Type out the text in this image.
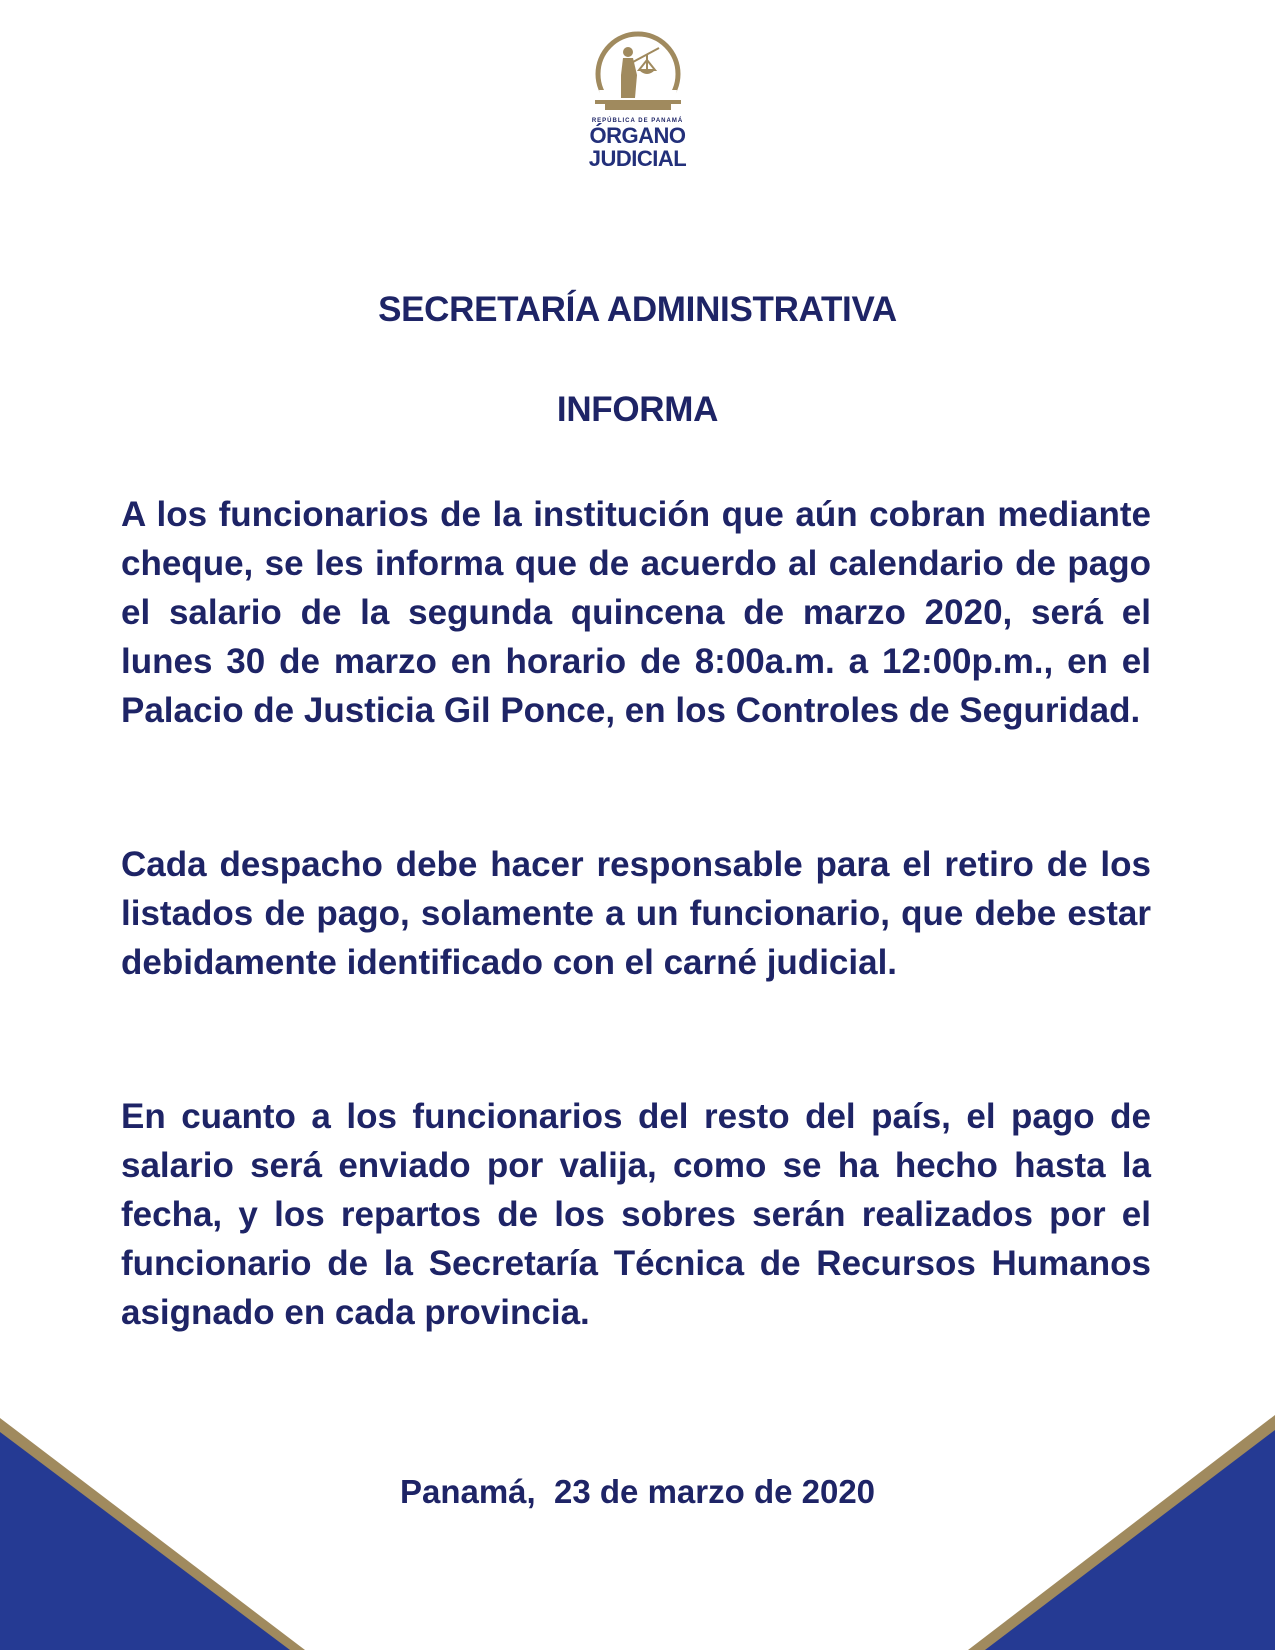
REPÚBLICA DE PANAMÁ
ÓRGANO
JUDICIAL
SECRETARÍA ADMINISTRATIVA
INFORMA

A los funcionarios de la institución que aún cobran mediante cheque, se les informa que de acuerdo al calendario de pago el salario de la segunda quincena de marzo 2020, será el lunes 30 de marzo en horario de 8:00a.m. a 12:00p.m., en el Palacio de Justicia Gil Ponce, en los Controles de Seguridad.

Cada despacho debe hacer responsable para el retiro de los listados de pago, solamente a un funcionario, que debe estar debidamente identificado con el carné judicial.

En cuanto a los funcionarios del resto del país, el pago de salario será enviado por valija, como se ha hecho hasta la fecha, y los repartos de los sobres serán realizados por el funcionario de la Secretaría Técnica de Recursos Humanos asignado en cada provincia.

Panamá,  23 de marzo de 2020
